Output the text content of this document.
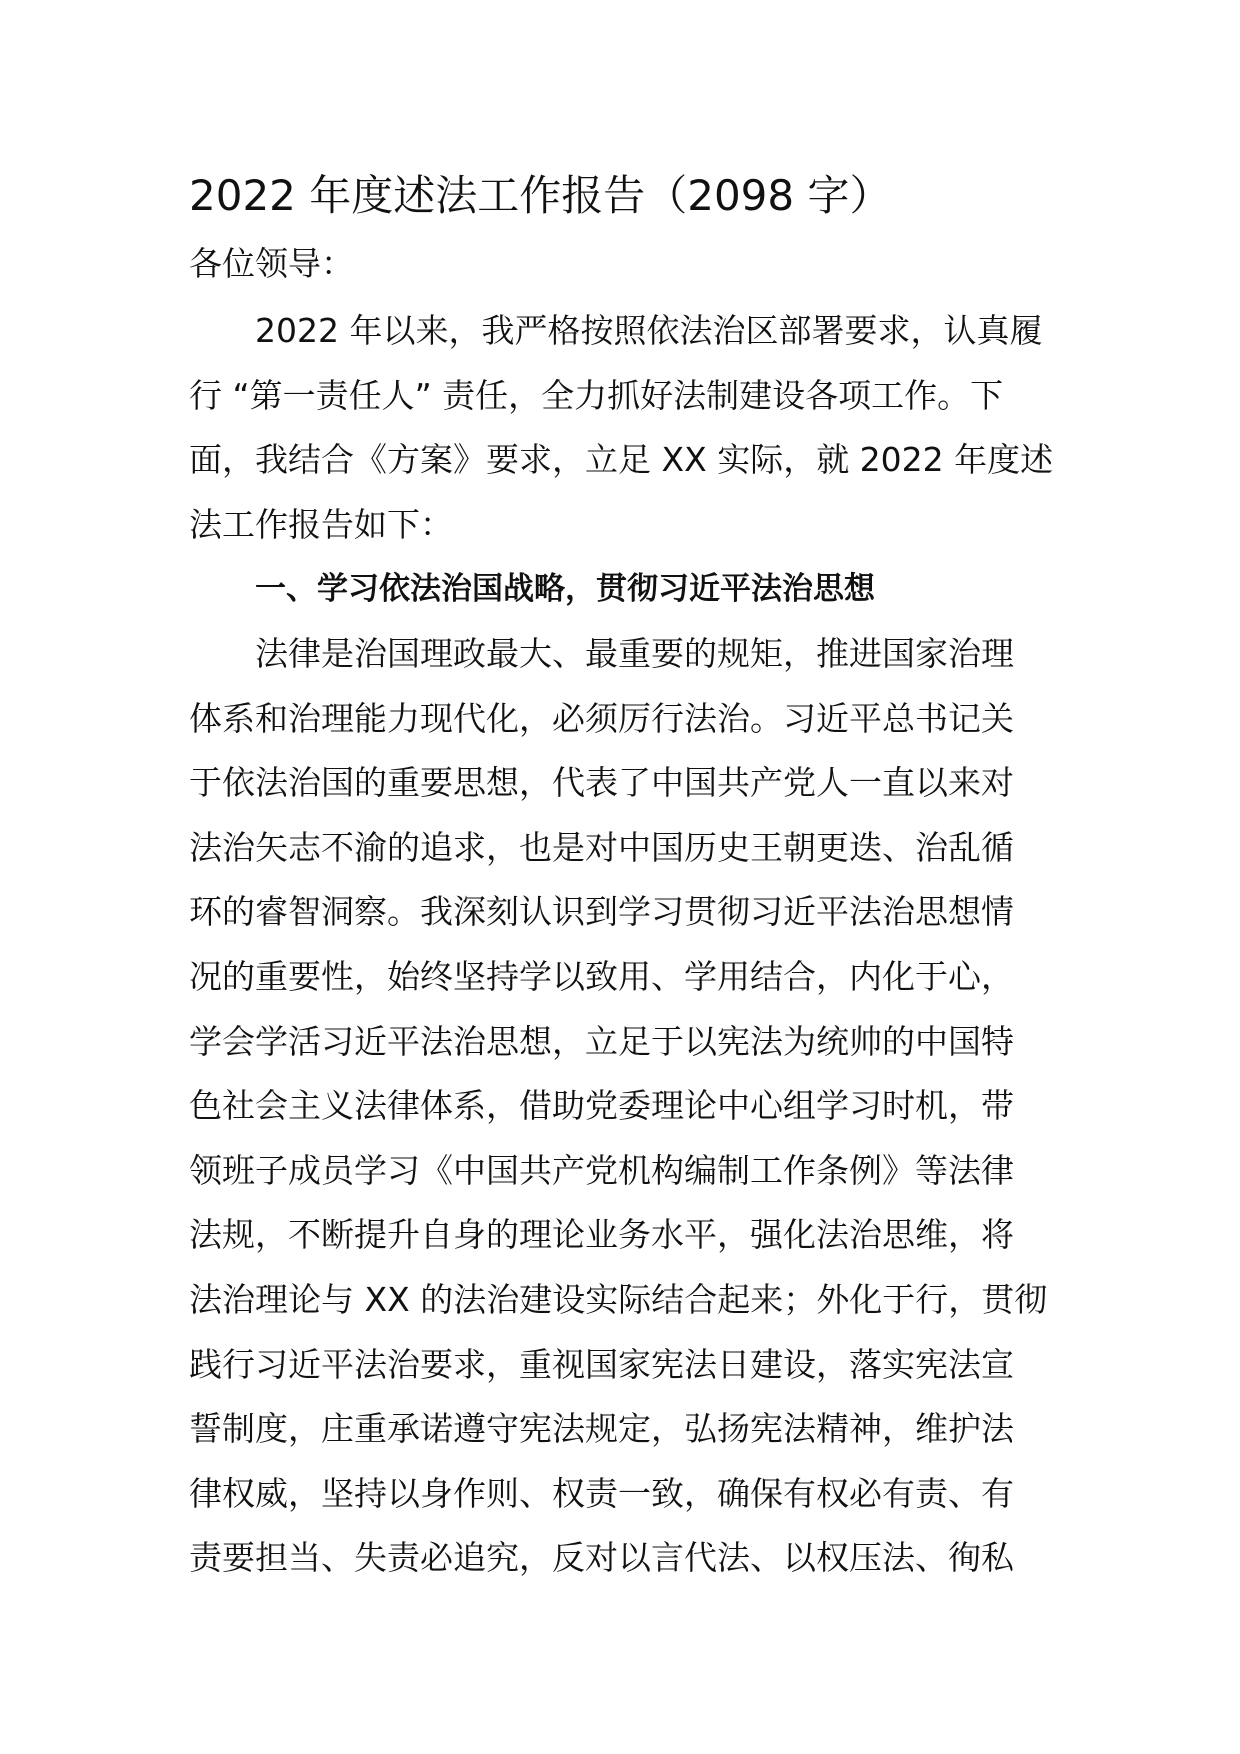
2022 年度述法工作报告（2098 字）
各位领导：
2022 年以来，我严格按照依法治区部署要求，认真履
行 “第一责任人” 责任，全力抓好法制建设各项工作。下
面，我结合《方案》要求，立足 XX 实际，就 2022 年度述
法工作报告如下：
一、学习依法治国战略，贯彻习近平法治思想
法律是治国理政最大、最重要的规矩，推进国家治理
体系和治理能力现代化，必须厉行法治。习近平总书记关
于依法治国的重要思想，代表了中国共产党人一直以来对
法治矢志不渝的追求，也是对中国历史王朝更迭、治乱循
环的睿智洞察。我深刻认识到学习贯彻习近平法治思想情
况的重要性，始终坚持学以致用、学用结合，内化于心，
学会学活习近平法治思想，立足于以宪法为统帅的中国特
色社会主义法律体系，借助党委理论中心组学习时机，带
领班子成员学习《中国共产党机构编制工作条例》等法律
法规，不断提升自身的理论业务水平，强化法治思维，将
法治理论与 XX 的法治建设实际结合起来；外化于行，贯彻
践行习近平法治要求，重视国家宪法日建设，落实宪法宣
誓制度，庄重承诺遵守宪法规定，弘扬宪法精神，维护法
律权威，坚持以身作则、权责一致，确保有权必有责、有
责要担当、失责必追究，反对以言代法、以权压法、徇私
